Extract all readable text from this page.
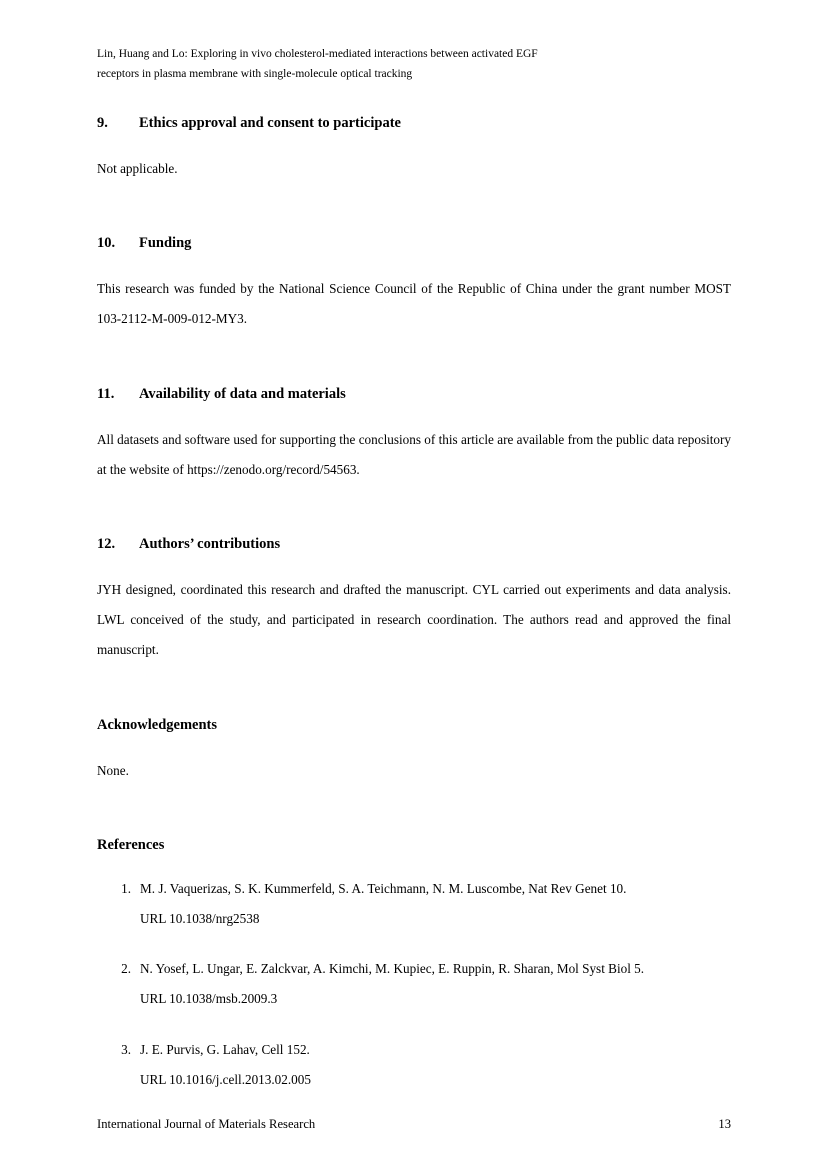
Lin, Huang and Lo: Exploring in vivo cholesterol-mediated interactions between activated EGF
receptors in plasma membrane with single-molecule optical tracking
9.	Ethics approval and consent to participate

Not applicable.

10.	Funding

This research was funded by the National Science Council of the Republic of China under the grant number MOST 103-2112-M-009-012-MY3.

11.	Availability of data and materials

All datasets and software used for supporting the conclusions of this article are available from the public data repository at the website of https://zenodo.org/record/54563.

12.	Authors’ contributions

JYH designed, coordinated this research and drafted the manuscript. CYL carried out experiments and data analysis. LWL conceived of the study, and participated in research coordination. The authors read and approved the final manuscript.

Acknowledgements

None.

References
1. M. J. Vaquerizas, S. K. Kummerfeld, S. A. Teichmann, N. M. Luscombe, Nat Rev Genet 10.
URL 10.1038/nrg2538
2. N. Yosef, L. Ungar, E. Zalckvar, A. Kimchi, M. Kupiec, E. Ruppin, R. Sharan, Mol Syst Biol 5.
URL 10.1038/msb.2009.3
3. J. E. Purvis, G. Lahav, Cell 152.
URL 10.1016/j.cell.2013.02.005
International Journal of Materials Research	13
